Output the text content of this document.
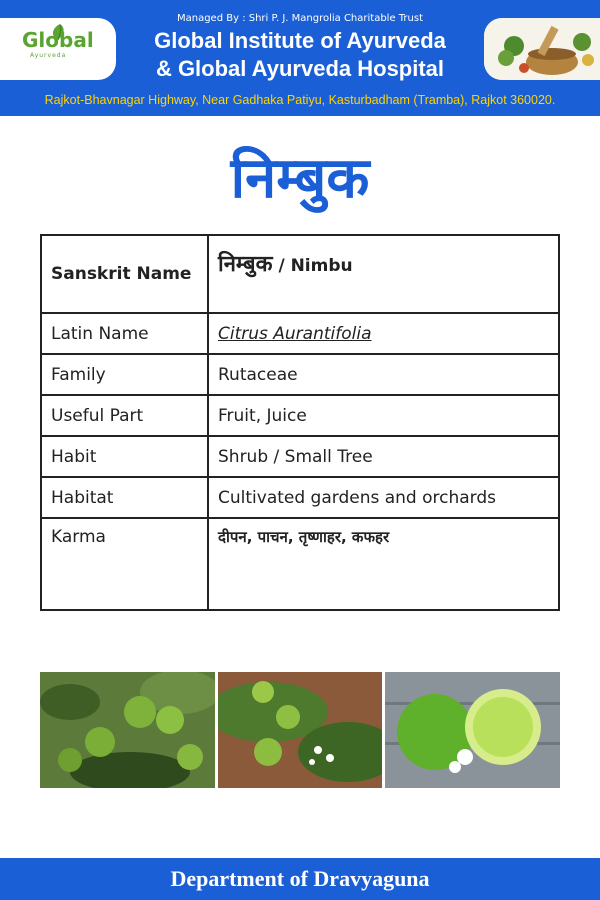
Global
Ayurveda
Managed By : Shri P. J. Mangrolia Charitable Trust
Global Institute of Ayurveda
& Global Ayurveda Hospital
Rajkot-Bhavnagar Highway, Near Gadhaka Patiyu, Kasturbadham (Tramba), Rajkot 360020.
निम्बुक
Sanskrit Name	निम्बुक / Nimbu
Latin Name	Citrus Aurantifolia
Family	Rutaceae
Useful Part	Fruit, Juice
Habit	Shrub / Small Tree
Habitat	Cultivated gardens and orchards
Karma	दीपन, पाचन, तृष्णाहर, कफहर
Department of Dravyaguna
